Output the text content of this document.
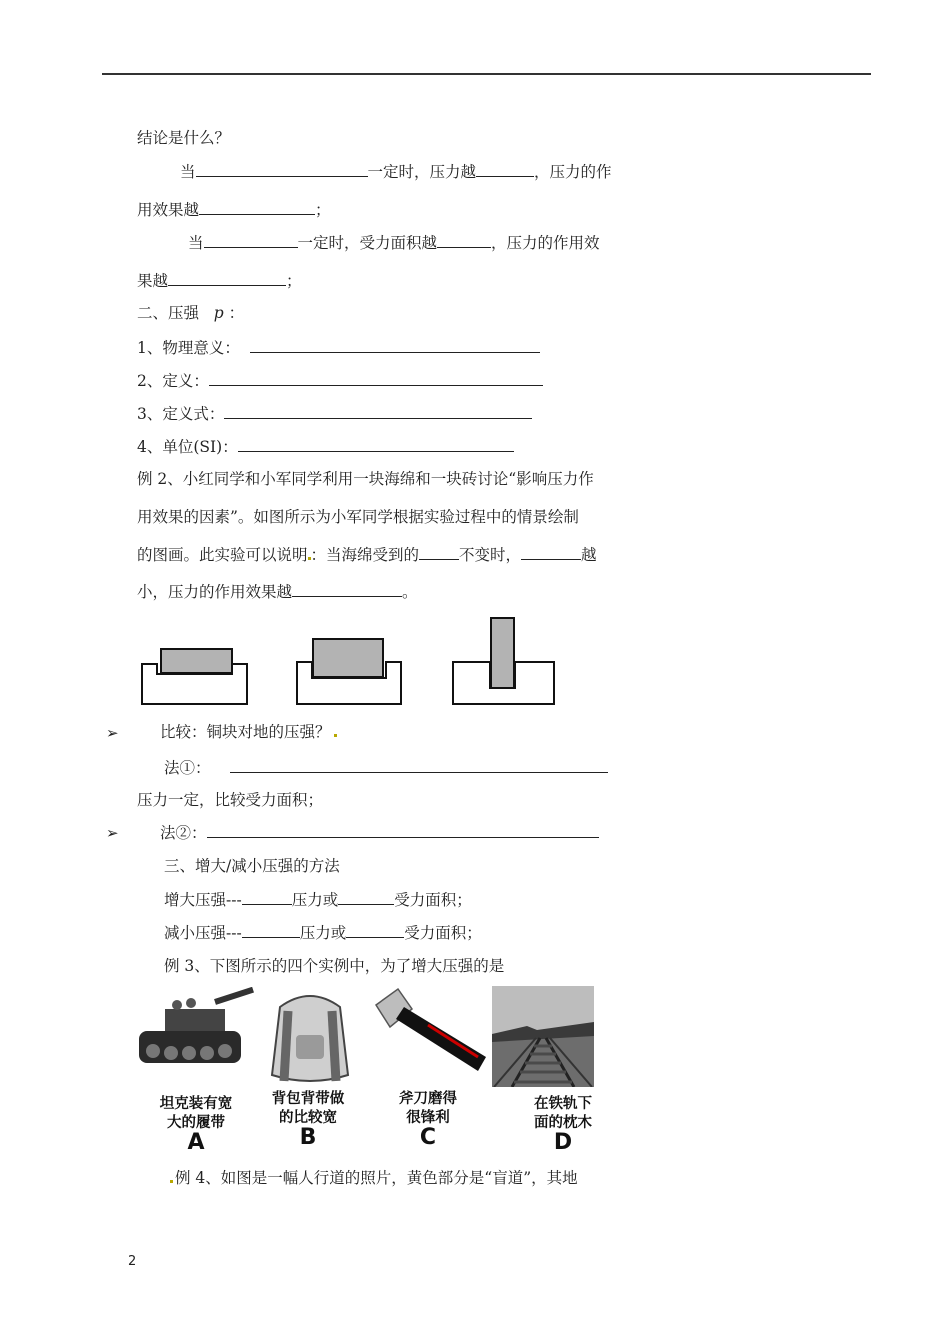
结论是什么？
当	一定时，压力越	，压力的作
用效果越	；
当	一定时，受力面积越	，压力的作用效
果越	；
二、压强 p ：
1、物理意义：
2、定义：
3、定义式：
4、单位(SI)：
例 2、小红同学和小军同学利用一块海绵和一块砖讨论“影响压力作
用效果的因素”。如图所示为小军同学根据实验过程中的情景绘制
的图画。此实验可以说明 ：当海绵受到的	不变时，	越
小，压力的作用效果越	。
➢	比较：铜块对地的压强？
法①：
压力一定，比较受力面积；
➢	法②：
三、增大/减小压强的方法
增大压强---	压力或	受力面积；
减小压强---	压力或	受力面积；
例 3、下图所示的四个实例中，为了增大压强的是
坦克装有宽
大的履带
A
背包背带做
的比较宽
B
斧刀磨得
很锋利
C
在铁轨下
面的枕木
D
例 4、如图是一幅人行道的照片，黄色部分是“盲道”，其地
2
